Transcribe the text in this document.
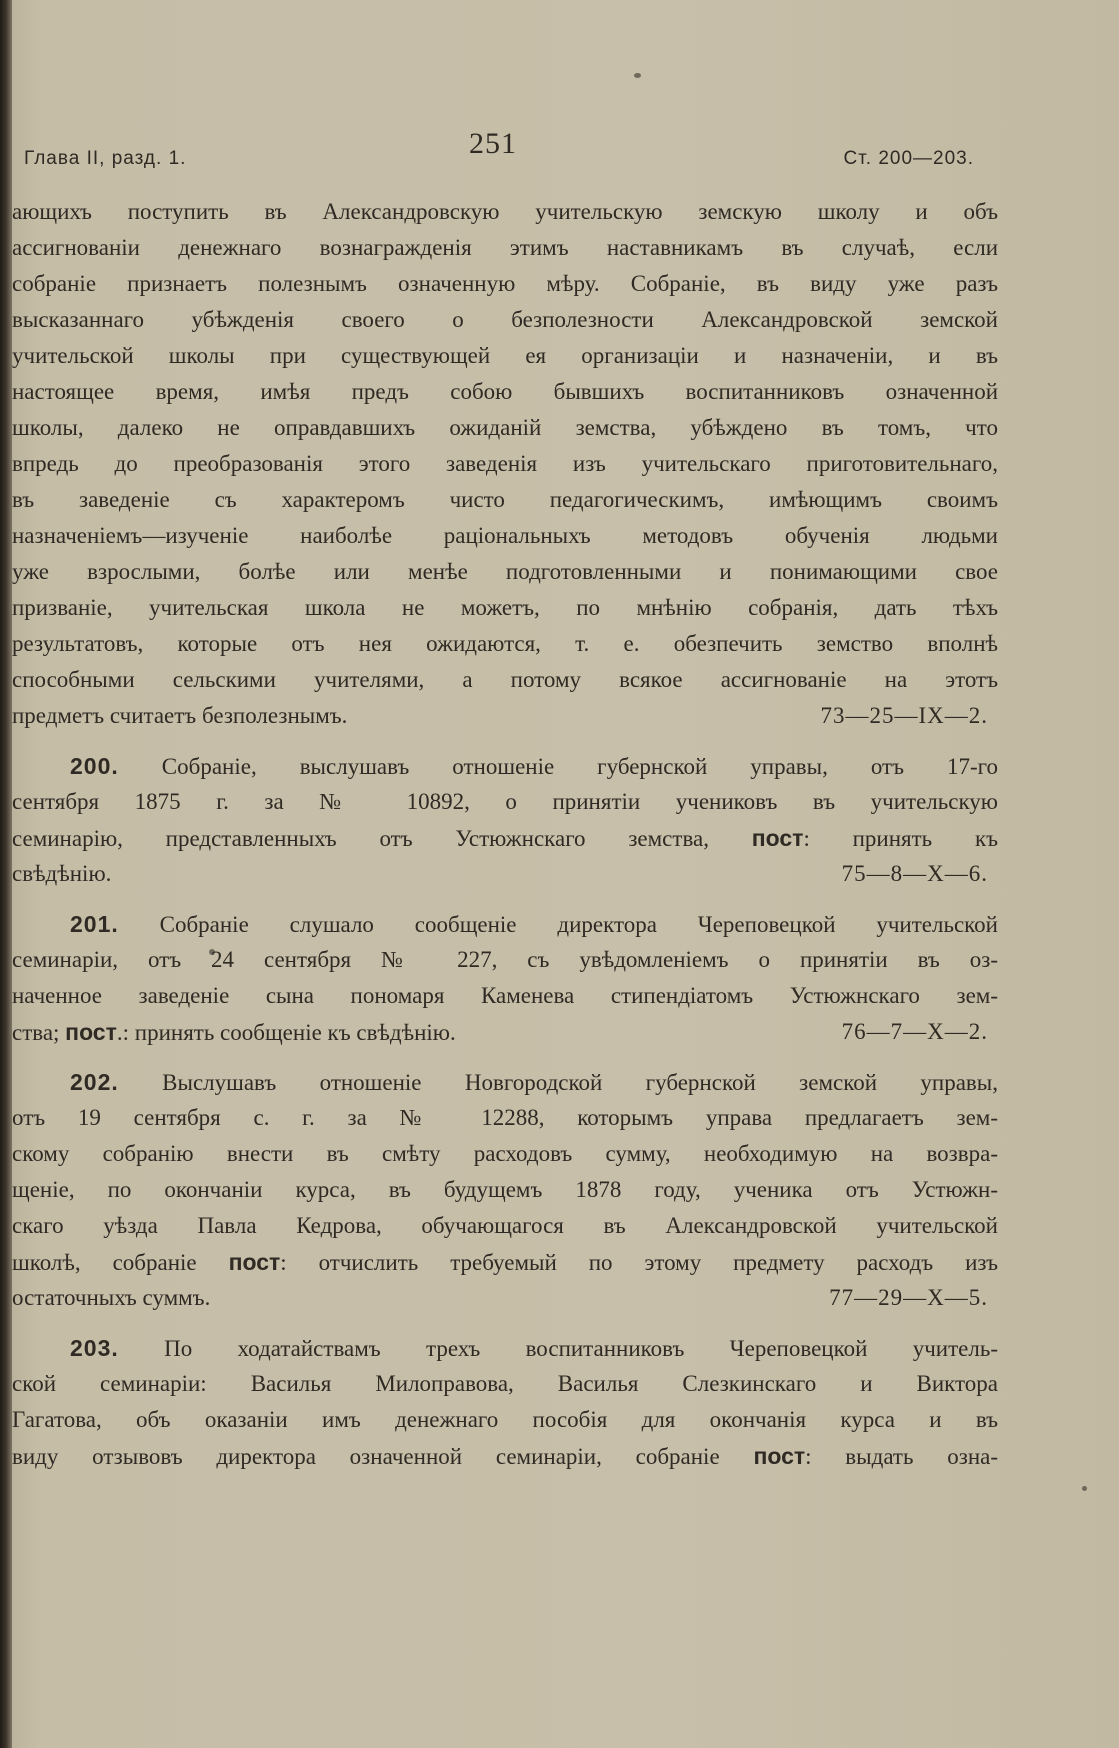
Глава II, разд. 1.	251	Ст. 200—203.
ающихъ поступить въ Александровскую учительскую земскую школу и объ
ассигнованіи денежнаго вознагражденія этимъ наставникамъ въ случаѣ, если
собраніе признаетъ полезнымъ означенную мѣру. Собраніе, въ виду уже разъ
высказаннаго убѣжденія своего о безполезности Александровской земской
учительской школы при существующей ея организаціи и назначеніи, и въ
настоящее время, имѣя предъ собою бывшихъ воспитанниковъ означенной
школы, далеко не оправдавшихъ ожиданій земства, убѣждено въ томъ, что
впредь до преобразованія этого заведенія изъ учительскаго приготовительнаго,
въ заведеніе съ характеромъ чисто педагогическимъ, имѣющимъ своимъ
назначеніемъ—изученіе наиболѣе раціональныхъ методовъ обученія людьми
уже взрослыми, болѣе или менѣе подготовленными и понимающими свое
призваніе, учительская школа не можетъ, по мнѣнію собранія, дать тѣхъ
результатовъ, которые отъ нея ожидаются, т. е. обезпечить земство вполнѣ
способными сельскими учителями, а потому всякое ассигнованіе на этотъ
предметъ считаетъ безполезнымъ.	73—25—IX—2.
200. Собраніе, выслушавъ отношеніе губернской управы, отъ 17-го
сентября 1875 г. за № 10892, о принятіи учениковъ въ учительскую
семинарію, представленныхъ отъ Устюжнскаго земства, пост: принять къ
свѣдѣнію.	75—8—X—6.
201. Собраніе слушало сообщеніе директора Череповецкой учительской
семинаріи, отъ 24 сентября № 227, съ увѣдомленіемъ о принятіи въ оз-
наченное заведеніе сына пономаря Каменева стипендіатомъ Устюжнскаго зем-
ства; пост.: принять сообщеніе къ свѣдѣнію.	76—7—X—2.
202. Выслушавъ отношеніе Новгородской губернской земской управы,
отъ 19 сентября с. г. за № 12288, которымъ управа предлагаетъ зем-
скому собранію внести въ смѣту расходовъ сумму, необходимую на возвра-
щеніе, по окончаніи курса, въ будущемъ 1878 году, ученика отъ Устюжн-
скаго уѣзда Павла Кедрова, обучающагося въ Александровской учительской
школѣ, собраніе пост: отчислить требуемый по этому предмету расходъ изъ
остаточныхъ суммъ.	77—29—X—5.
203. По ходатайствамъ трехъ воспитанниковъ Череповецкой учитель-
ской семинаріи: Василья Милоправова, Василья Слезкинскаго и Виктора
Гагатова, объ оказаніи имъ денежнаго пособія для окончанія курса и въ
виду отзывовъ директора означенной семинаріи, собраніе пост: выдать озна-
